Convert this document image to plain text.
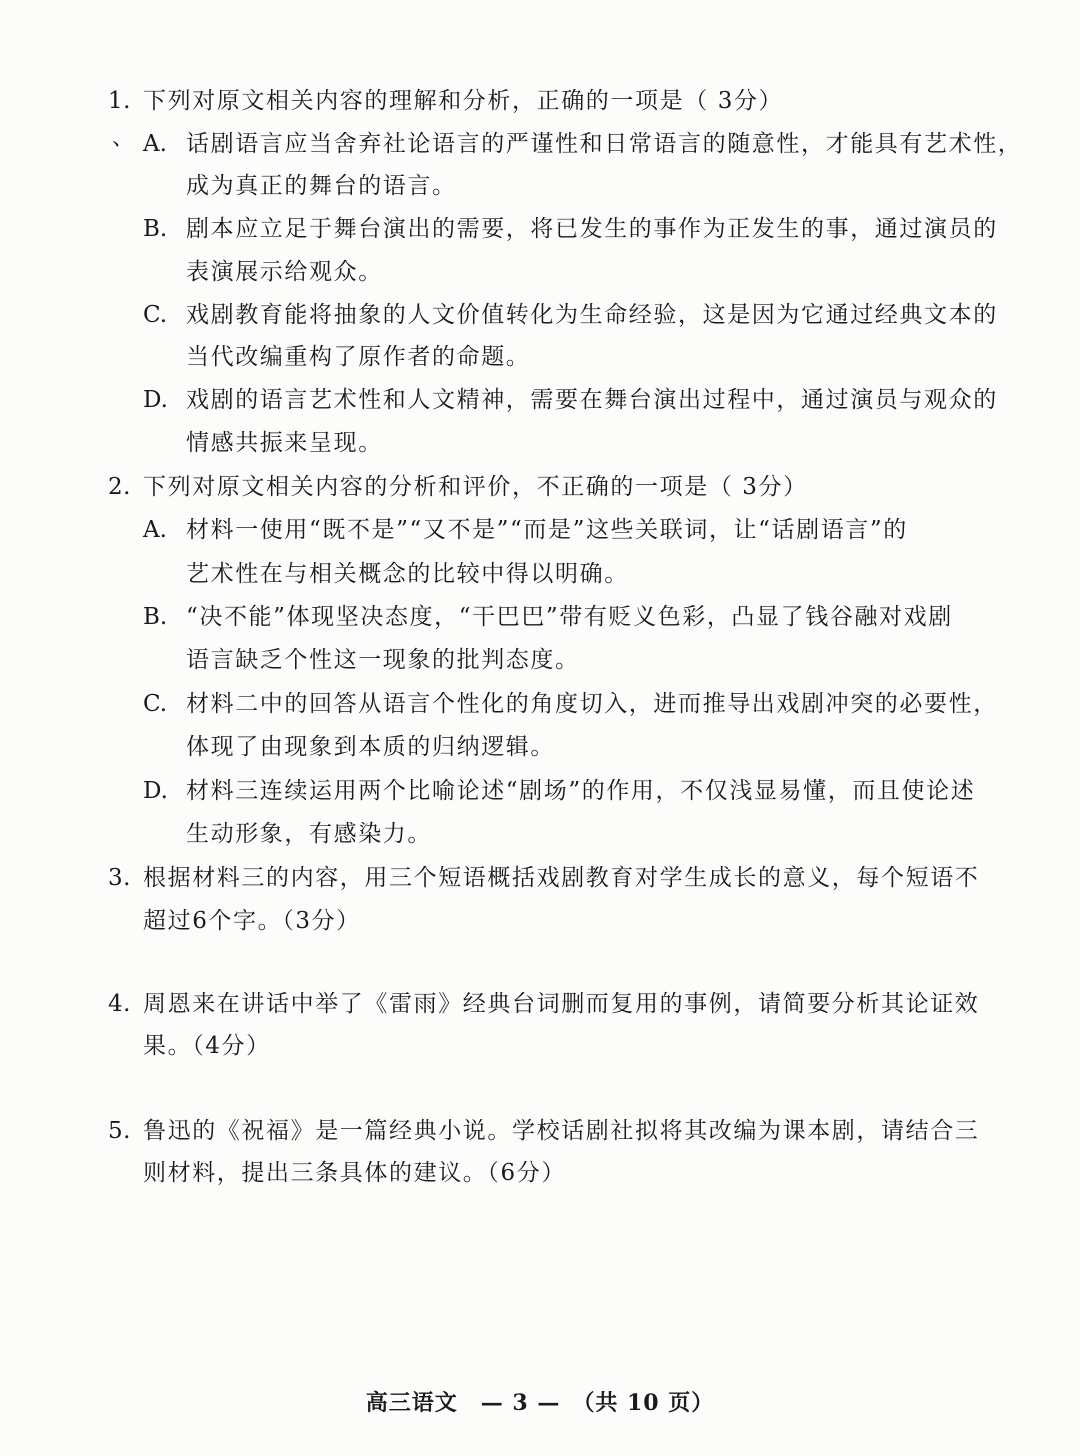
1. 下列对原文相关内容的理解和分析，正确的一项是（ 3分）
、 A. 话剧语言应当舍弃社论语言的严谨性和日常语言的随意性，才能具有艺术性，
成为真正的舞台的语言。
B. 剧本应立足于舞台演出的需要，将已发生的事作为正发生的事，通过演员的
表演展示给观众。
C. 戏剧教育能将抽象的人文价值转化为生命经验，这是因为它通过经典文本的
当代改编重构了原作者的命题。
D. 戏剧的语言艺术性和人文精神，需要在舞台演出过程中，通过演员与观众的
情感共振来呈现。
2. 下列对原文相关内容的分析和评价，不正确的一项是（ 3分）
A. 材料一使用“既不是”“又不是”“而是”这些关联词，让“话剧语言”的
艺术性在与相关概念的比较中得以明确。
B. “决不能”体现坚决态度，“干巴巴”带有贬义色彩，凸显了钱谷融对戏剧
语言缺乏个性这一现象的批判态度。
C. 材料二中的回答从语言个性化的角度切入，进而推导出戏剧冲突的必要性，
体现了由现象到本质的归纳逻辑。
D. 材料三连续运用两个比喻论述“剧场”的作用，不仅浅显易懂，而且使论述
生动形象，有感染力。
3. 根据材料三的内容，用三个短语概括戏剧教育对学生成长的意义，每个短语不
超过6个字。（3分）
4. 周恩来在讲话中举了《雷雨》经典台词删而复用的事例，请简要分析其论证效
果。（4分）
5. 鲁迅的《祝福》是一篇经典小说。学校话剧社拟将其改编为课本剧，请结合三
则材料，提出三条具体的建议。（6分）
高三语文　— 3 —　（共 10 页）
